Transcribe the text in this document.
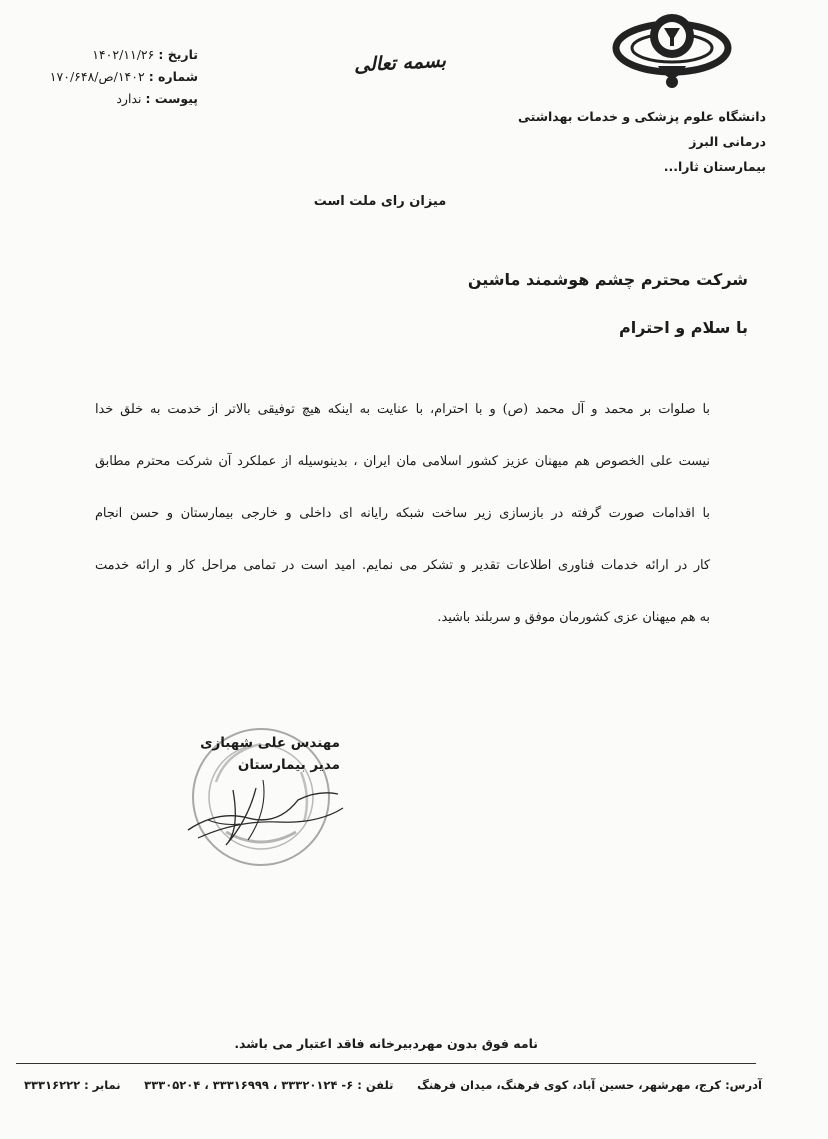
دانشگاه علوم پزشکی و خدمات بهداشتی
درمانی البرز
بیمارستان ثارا...
بسمه تعالی
تاریخ :
۱۴۰۲/۱۱/۲۶
شماره :
۱۴۰۲/ص/۱۷۰/۶۴۸
پیوست :
ندارد
میزان رای ملت است
شرکت محترم چشم هوشمند ماشین
با سلام و احترام
با صلوات بر محمد و آل محمد (ص) و با احترام، با عنایت به اینکه هیچ توفیقی بالاتر از خدمت به خلق خدا
نیست علی الخصوص هم میهنان عزیز کشور اسلامی مان ایران ، بدینوسیله از عملکرد آن شرکت محترم مطابق
با اقدامات صورت گرفته در بازسازی زیر ساخت شبکه رایانه ای داخلی و خارجی بیمارستان و حسن انجام
کار در ارائه خدمات فناوری اطلاعات تقدیر و تشکر می نمایم. امید است در تمامی مراحل کار و ارائه خدمت
به هم میهنان عزی کشورمان موفق و سربلند باشید.
مهندس علی شهبازی
مدیر بیمارستان
نامه فوق بدون مهردبیرخانه فاقد اعتبار می باشد.
آدرس:
کرج، مهرشهر، حسین آباد، کوی فرهنگ، میدان فرهنگ
تلفن :
۶- ۳۳۳۲۰۱۲۴ ، ۳۳۳۱۶۹۹۹ ، ۳۳۳۰۵۲۰۴
نمابر :
۳۳۳۱۶۲۲۲
